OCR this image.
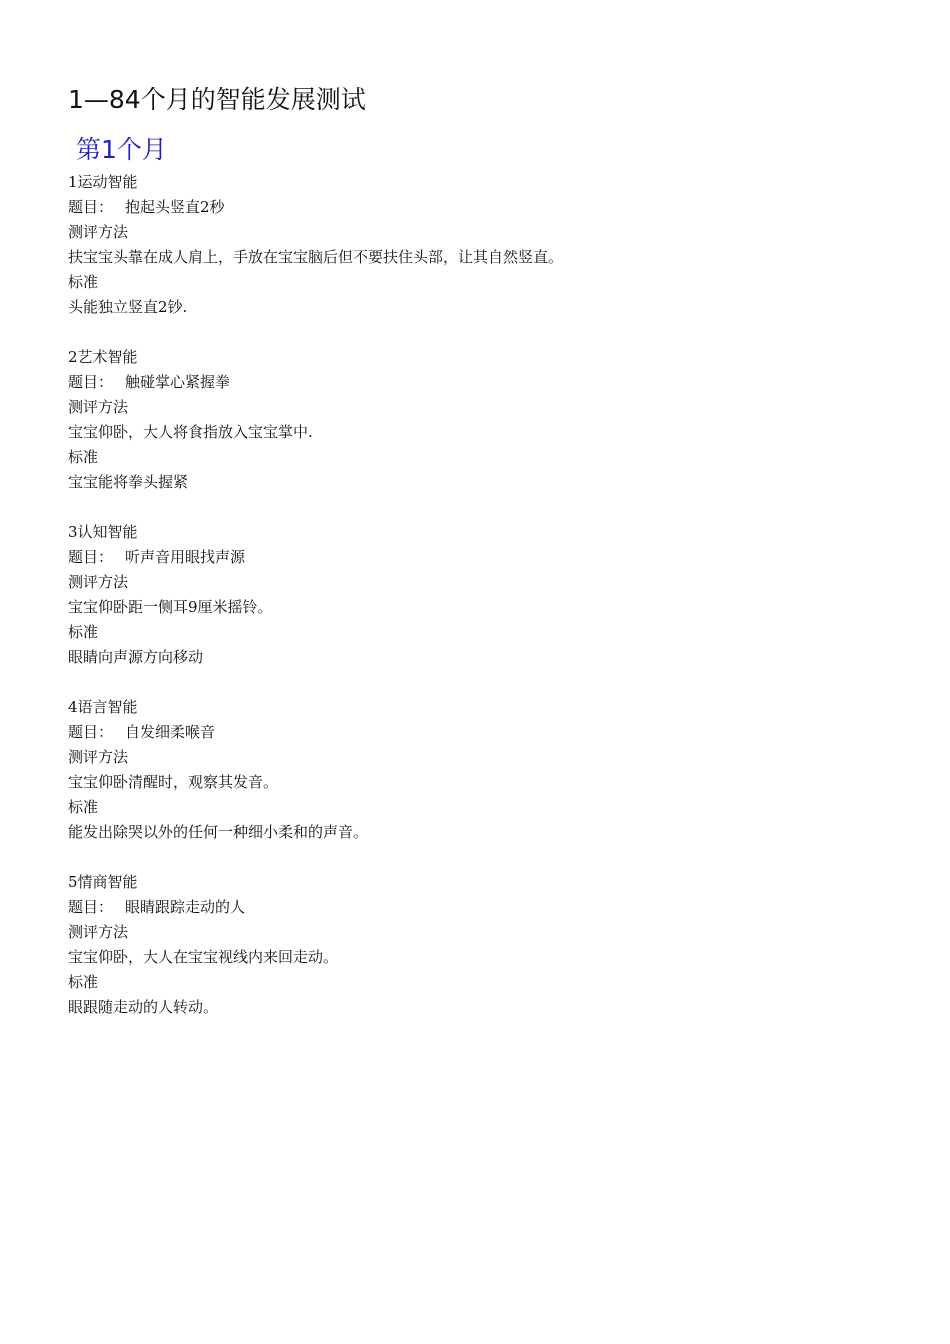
1—84个月的智能发展测试
第1个月
1运动智能
题目： 抱起头竖直2秒
测评方法
扶宝宝头靠在成人肩上，手放在宝宝脑后但不要扶住头部，让其自然竖直。
标准
头能独立竖直2钞.
2艺术智能
题目： 触碰掌心紧握拳
测评方法
宝宝仰卧，大人将食指放入宝宝掌中.
标准
宝宝能将拳头握紧
3认知智能
题目： 听声音用眼找声源
测评方法
宝宝仰卧距一侧耳9厘米摇铃。
标准
眼睛向声源方向移动
4语言智能
题目： 自发细柔喉音
测评方法
宝宝仰卧清醒时，观察其发音。
标准
能发出除哭以外的任何一种细小柔和的声音。
5情商智能
题目： 眼睛跟踪走动的人
测评方法
宝宝仰卧，大人在宝宝视线内来回走动。
标准
眼跟随走动的人转动。
